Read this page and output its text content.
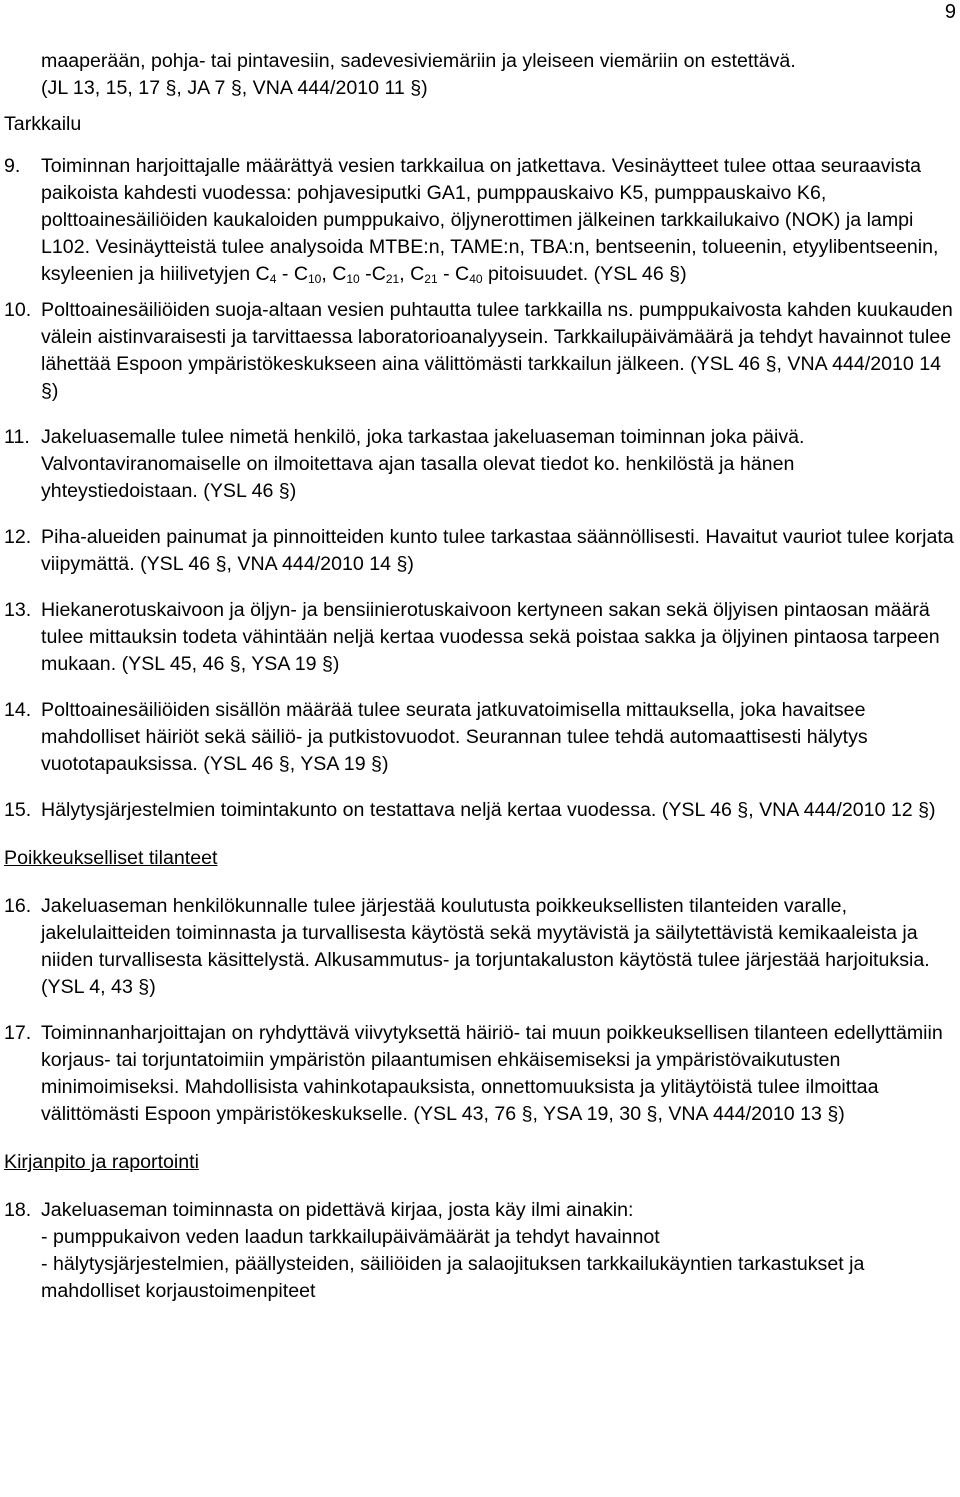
9
maaperään, pohja- tai pintavesiin, sadevesiviemäriin ja yleiseen viemäriin on estettävä.
(JL 13, 15, 17 §, JA 7 §, VNA 444/2010 11 §)

Tarkkailu

9.	Toiminnan harjoittajalle määrättyä vesien tarkkailua on jatkettava. Vesinäytteet tulee ottaa seuraavista paikoista kahdesti vuodessa: pohjavesiputki GA1, pumppauskaivo K5, pumppauskaivo K6, polttoainesäiliöiden kaukaloiden pumppukaivo, öljynerottimen jälkeinen tarkkailukaivo (NOK) ja lampi L102. Vesinäytteistä tulee analysoida MTBE:n, TAME:n, TBA:n, bentseenin, tolueenin, etyylibentseenin, ksyleenien ja hiilivetyjen $C_4 - C_{10}$, $C_{10}$ $-C_{21}$, $C_{21} - C_{40}$ pitoisuudet. (YSL 46 §)
10. Polttoainesäiliöiden suoja-altaan vesien puhtautta tulee tarkkailla ns. pumppukaivosta kahden kuukauden välein aistinvaraisesti ja tarvittaessa laboratorioanalyysein. Tarkkailupäivämäärä ja tehdyt havainnot tulee lähettää Espoon ympäristökeskukseen aina välittömästi tarkkailun jälkeen. (YSL 46 §, VNA 444/2010 14 §)
11. Jakeluasemalle tulee nimetä henkilö, joka tarkastaa jakeluaseman toiminnan joka päivä. Valvontaviranomaiselle on ilmoitettava ajan tasalla olevat tiedot ko. henkilöstä ja hänen yhteystiedoistaan. (YSL 46 §)
12. Piha-alueiden painumat ja pinnoitteiden kunto tulee tarkastaa säännöllisesti. Havaitut vauriot tulee korjata viipymättä. (YSL 46 §, VNA 444/2010 14 §)
13. Hiekanerotuskaivoon ja öljyn- ja bensiinierotuskaivoon kertyneen sakan sekä öljyisen pintaosan määrä tulee mittauksin todeta vähintään neljä kertaa vuodessa sekä poistaa sakka ja öljyinen pintaosa tarpeen mukaan. (YSL 45, 46 §, YSA 19 §)
14. Polttoainesäiliöiden sisällön määrää tulee seurata jatkuvatoimisella mittauksella, joka havaitsee mahdolliset häiriöt sekä säiliö- ja putkistovuodot. Seurannan tulee tehdä automaattisesti hälytys vuototapauksissa. (YSL 46 §, YSA 19 §)
15. Hälytysjärjestelmien toimintakunto on testattava neljä kertaa vuodessa. (YSL 46 §, VNA 444/2010 12 §)

Poikkeukselliset tilanteet

16. Jakeluaseman henkilökunnalle tulee järjestää koulutusta poikkeuksellisten tilanteiden varalle, jakelulaitteiden toiminnasta ja turvallisesta käytöstä sekä myytävistä ja säilytettävistä kemikaaleista ja niiden turvallisesta käsittelystä. Alkusammutus- ja torjuntakaluston käytöstä tulee järjestää harjoituksia. (YSL 4, 43 §)
17. Toiminnanharjoittajan on ryhdyttävä viivytyksettä häiriö- tai muun poikkeuksellisen tilanteen edellyttämiin korjaus- tai torjuntatoimiin ympäristön pilaantumisen ehkäisemiseksi ja ympäristövaikutusten minimoimiseksi. Mahdollisista vahinkotapauksista, onnettomuuksista ja ylitäytöistä tulee ilmoittaa välittömästi Espoon ympäristökeskukselle. (YSL 43, 76 §, YSA 19, 30 §, VNA 444/2010 13 §)

Kirjanpito ja raportointi

18. Jakeluaseman toiminnasta on pidettävä kirjaa, josta käy ilmi ainakin:
- pumppukaivon veden laadun tarkkailupäivämäärät ja tehdyt havainnot
- hälytysjärjestelmien, päällysteiden, säiliöiden ja salaojituksen tarkkailukäyntien tarkastukset ja mahdolliset korjaustoimenpiteet
